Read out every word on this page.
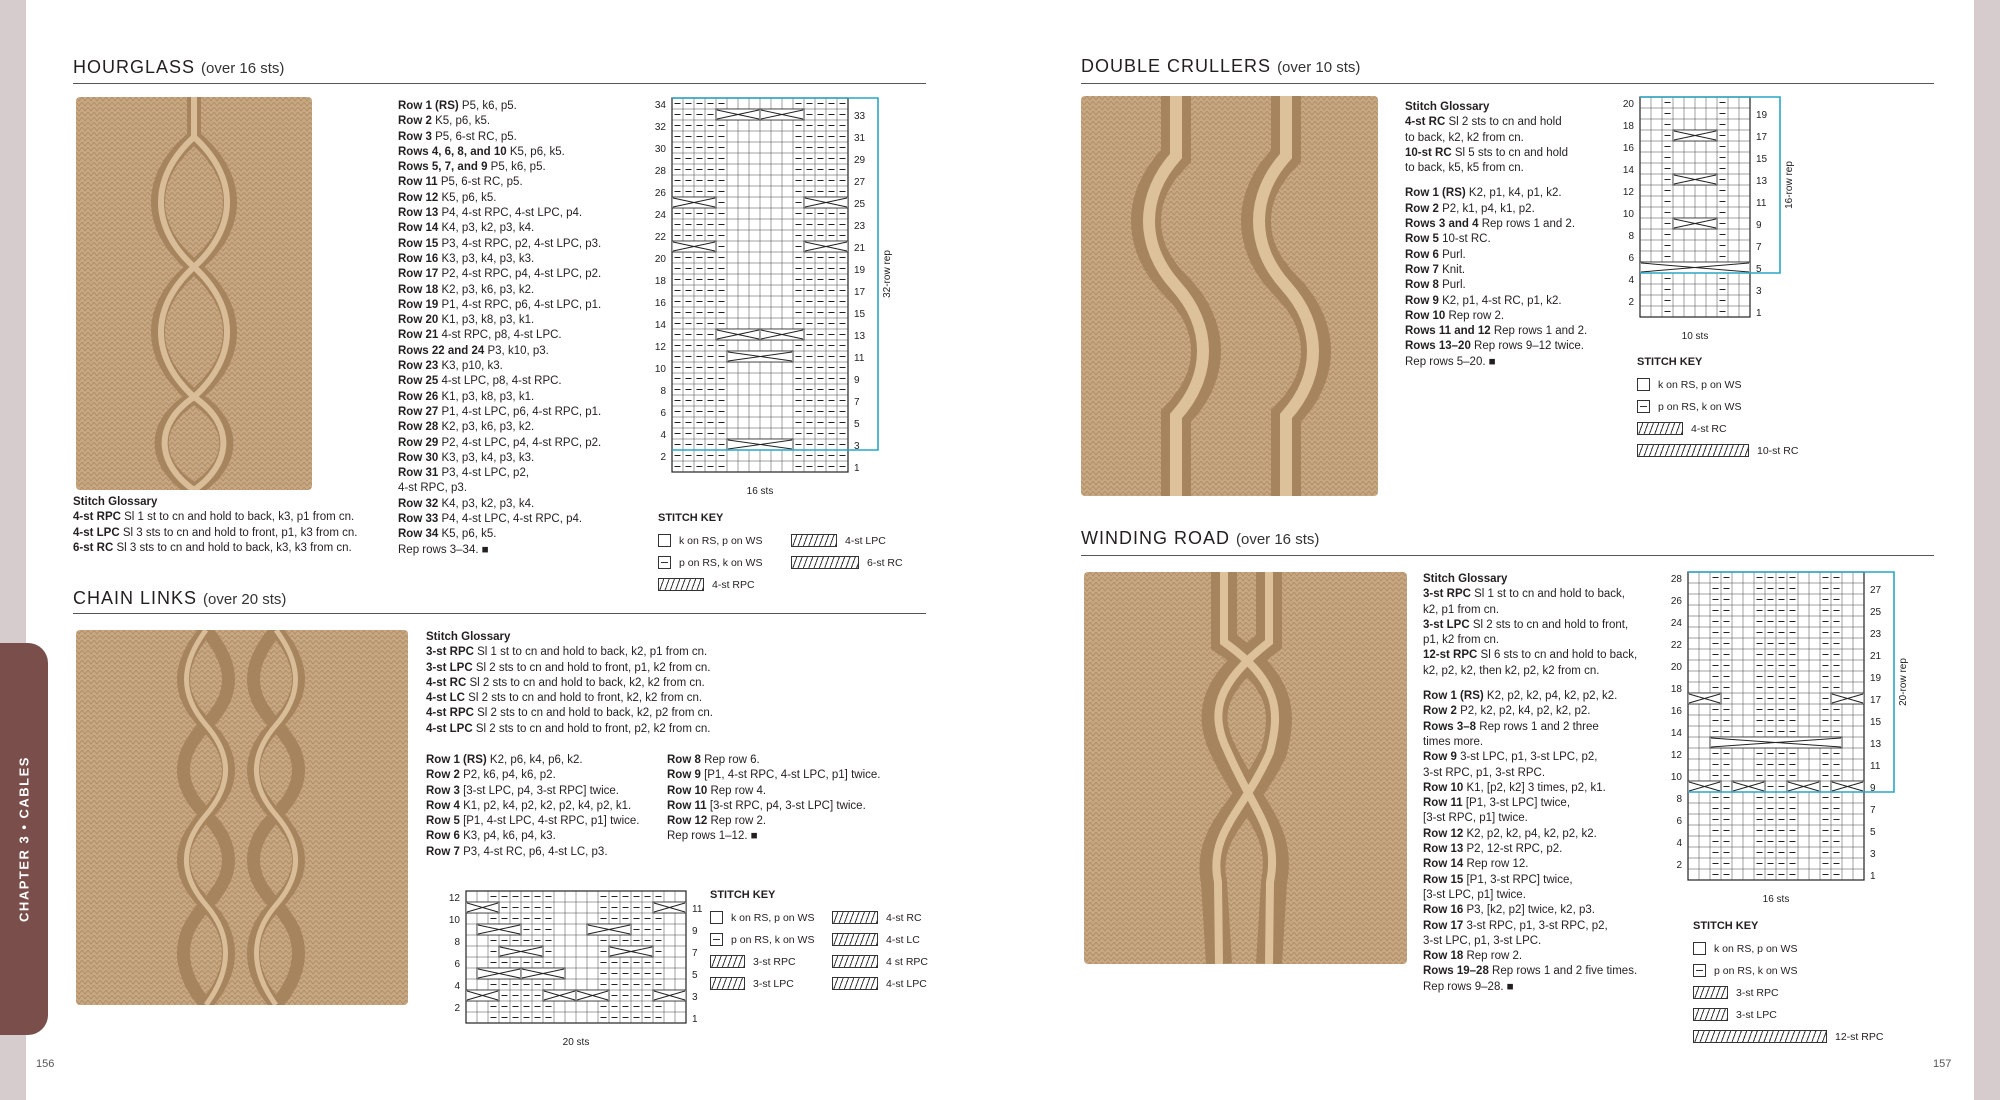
CHAPTER 3 • CABLES
156
HOURGLASS (over 16 sts)
Row 1 (RS) P5, k6, p5.
Row 2 K5, p6, k5.
Row 3 P5, 6-st RC, p5.
Rows 4, 6, 8, and 10 K5, p6, k5.
Rows 5, 7, and 9 P5, k6, p5.
Row 11 P5, 6-st RC, p5.
Row 12 K5, p6, k5.
Row 13 P4, 4-st RPC, 4-st LPC, p4.
Row 14 K4, p3, k2, p3, k4.
Row 15 P3, 4-st RPC, p2, 4-st LPC, p3.
Row 16 K3, p3, k4, p3, k3.
Row 17 P2, 4-st RPC, p4, 4-st LPC, p2.
Row 18 K2, p3, k6, p3, k2.
Row 19 P1, 4-st RPC, p6, 4-st LPC, p1.
Row 20 K1, p3, k8, p3, k1.
Row 21 4-st RPC, p8, 4-st LPC.
Rows 22 and 24 P3, k10, p3.
Row 23 K3, p10, k3.
Row 25 4-st LPC, p8, 4-st RPC.
Row 26 K1, p3, k8, p3, k1.
Row 27 P1, 4-st LPC, p6, 4-st RPC, p1.
Row 28 K2, p3, k6, p3, k2.
Row 29 P2, 4-st LPC, p4, 4-st RPC, p2.
Row 30 K3, p3, k4, p3, k3.
Row 31 P3, 4-st LPC, p2,
4-st RPC, p3.
Row 32 K4, p3, k2, p3, k4.
Row 33 P4, 4-st LPC, 4-st RPC, p4.
Row 34 K5, p6, k5.
Rep rows 3–34. ■
Stitch Glossary
4-st RPC Sl 1 st to cn and hold to back, k3, p1 from cn.
4-st LPC Sl 3 sts to cn and hold to front, p1, k3 from cn.
6-st RC Sl 3 sts to cn and hold to back, k3, k3 from cn.
34
32
30
28
26
24
22
20
18
16
14
12
10
8
6
4
2
33
31
29
27
25
23
21
19
17
15
13
11
9
7
5
3
1
16 sts
32-row rep
STITCH KEY
k on RS, p on WS
p on RS, k on WS
4-st RPC
4-st LPC
6-st RC
CHAIN LINKS (over 20 sts)
Stitch Glossary
3-st RPC Sl 1 st to cn and hold to back, k2, p1 from cn.
3-st LPC Sl 2 sts to cn and hold to front, p1, k2 from cn.
4-st RC Sl 2 sts to cn and hold to back, k2, k2 from cn.
4-st LC Sl 2 sts to cn and hold to front, k2, k2 from cn.
4-st RPC Sl 2 sts to cn and hold to back, k2, p2 from cn.
4-st LPC Sl 2 sts to cn and hold to front, p2, k2 from cn.
Row 1 (RS) K2, p6, k4, p6, k2.
Row 2 P2, k6, p4, k6, p2.
Row 3 [3-st LPC, p4, 3-st RPC] twice.
Row 4 K1, p2, k4, p2, k2, p2, k4, p2, k1.
Row 5 [P1, 4-st LPC, 4-st RPC, p1] twice.
Row 6 K3, p4, k6, p4, k3.
Row 7 P3, 4-st RC, p6, 4-st LC, p3.
Row 8 Rep row 6.
Row 9 [P1, 4-st RPC, 4-st LPC, p1] twice.
Row 10 Rep row 4.
Row 11 [3-st RPC, p4, 3-st LPC] twice.
Row 12 Rep row 2.
Rep rows 1–12. ■
12
10
8
6
4
2
11
9
7
5
3
1
20 sts
STITCH KEY
k on RS, p on WS
p on RS, k on WS
3-st RPC
3-st LPC
4-st RC
4-st LC
4 st RPC
4-st LPC
157
DOUBLE CRULLERS (over 10 sts)
Stitch Glossary
4-st RC Sl 2 sts to cn and hold
to back, k2, k2 from cn.
10-st RC Sl 5 sts to cn and hold
to back, k5, k5 from cn.
Row 1 (RS) K2, p1, k4, p1, k2.
Row 2 P2, k1, p4, k1, p2.
Rows 3 and 4 Rep rows 1 and 2.
Row 5 10-st RC.
Row 6 Purl.
Row 7 Knit.
Row 8 Purl.
Row 9 K2, p1, 4-st RC, p1, k2.
Row 10 Rep row 2.
Rows 11 and 12 Rep rows 1 and 2.
Rows 13–20 Rep rows 9–12 twice.
Rep rows 5–20. ■
20
18
16
14
12
10
8
6
4
2
19
17
15
13
11
9
7
5
3
1
10 sts
16-row rep
STITCH KEY
k on RS, p on WS
p on RS, k on WS
4-st RC
10-st RC
WINDING ROAD (over 16 sts)
Stitch Glossary
3-st RPC Sl 1 st to cn and hold to back,
k2, p1 from cn.
3-st LPC Sl 2 sts to cn and hold to front,
p1, k2 from cn.
12-st RPC Sl 6 sts to cn and hold to back,
k2, p2, k2, then k2, p2, k2 from cn.
Row 1 (RS) K2, p2, k2, p4, k2, p2, k2.
Row 2 P2, k2, p2, k4, p2, k2, p2.
Rows 3–8 Rep rows 1 and 2 three
times more.
Row 9 3-st LPC, p1, 3-st LPC, p2,
3-st RPC, p1, 3-st RPC.
Row 10 K1, [p2, k2] 3 times, p2, k1.
Row 11 [P1, 3-st LPC] twice,
[3-st RPC, p1] twice.
Row 12 K2, p2, k2, p4, k2, p2, k2.
Row 13 P2, 12-st RPC, p2.
Row 14 Rep row 12.
Row 15 [P1, 3-st RPC] twice,
[3-st LPC, p1] twice.
Row 16 P3, [k2, p2] twice, k2, p3.
Row 17 3-st RPC, p1, 3-st RPC, p2,
3-st LPC, p1, 3-st LPC.
Row 18 Rep row 2.
Rows 19–28 Rep rows 1 and 2 five times.
Rep rows 9–28. ■
28
26
24
22
20
18
16
14
12
10
8
6
4
2
27
25
23
21
19
17
15
13
11
9
7
5
3
1
16 sts
20-row rep
STITCH KEY
k on RS, p on WS
p on RS, k on WS
3-st RPC
3-st LPC
12-st RPC
